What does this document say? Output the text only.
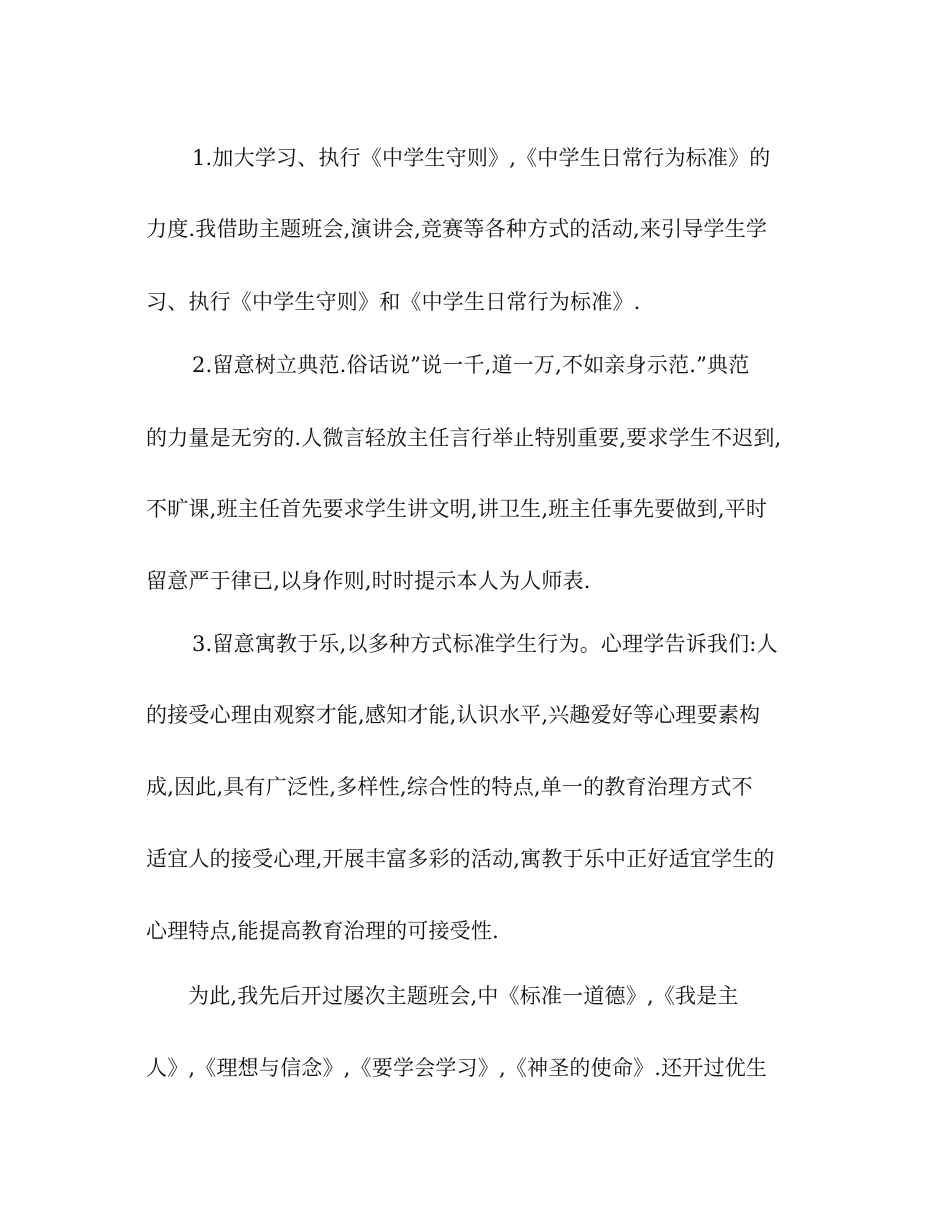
1.加大学习、执行《中学生守则》,《中学生日常行为标准》的
力度.我借助主题班会,演讲会,竞赛等各种方式的活动,来引导学生学
习、执行《中学生守则》和《中学生日常行为标准》.
2.留意树立典范.俗话说”说一千,道一万,不如亲身示范.”典范
的力量是无穷的.人微言轻放主任言行举止特别重要,要求学生不迟到,
不旷课,班主任首先要求学生讲文明,讲卫生,班主任事先要做到,平时
留意严于律已,以身作则,时时提示本人为人师表.
3.留意寓教于乐,以多种方式标准学生行为。心理学告诉我们:人
的接受心理由观察才能,感知才能,认识水平,兴趣爱好等心理要素构
成,因此,具有广泛性,多样性,综合性的特点,单一的教育治理方式不
适宜人的接受心理,开展丰富多彩的活动,寓教于乐中正好适宜学生的
心理特点,能提高教育治理的可接受性.
为此,我先后开过屡次主题班会,中《标准一道德》,《我是主
人》,《理想与信念》,《要学会学习》,《神圣的使命》.还开过优生
